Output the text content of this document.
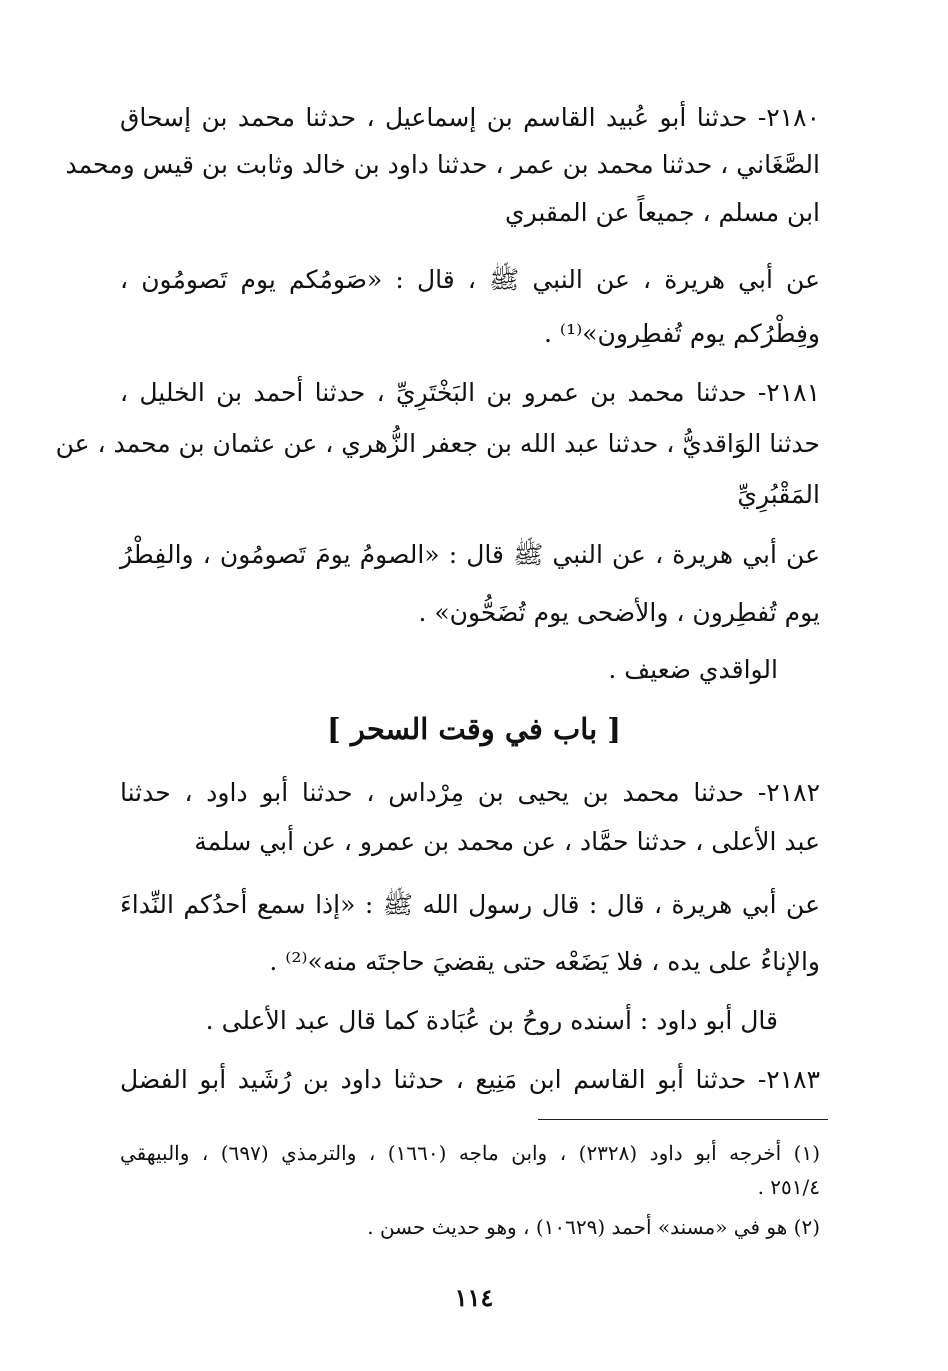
٢١٨٠- حدثنا أبو عُبيد القاسم بن إسماعيل ، حدثنا محمد بن إسحاق
الصَّغَاني ، حدثنا محمد بن عمر ، حدثنا داود بن خالد وثابت بن قيس ومحمد
ابن مسلم ، جميعاً عن المقبري
عن أبي هريرة ، عن النبي ﷺ ، قال : «صَومُكم يوم تَصومُون ،
وفِطْرُكم يوم تُفطِرون»⁽¹⁾ .
٢١٨١- حدثنا محمد بن عمرو بن البَخْتَرِيِّ ، حدثنا أحمد بن الخليل ،
حدثنا الوَاقديُّ ، حدثنا عبد الله بن جعفر الزُّهري ، عن عثمان بن محمد ، عن
المَقْبُرِيِّ
عن أبي هريرة ، عن النبي ﷺ قال : «الصومُ يومَ تَصومُون ، والفِطْرُ
يوم تُفطِرون ، والأضحى يوم تُضَحُّون» .
الواقدي ضعيف .
[ باب في وقت السحر ]
٢١٨٢- حدثنا محمد بن يحيى بن مِرْداس ، حدثنا أبو داود ، حدثنا
عبد الأعلى ، حدثنا حمَّاد ، عن محمد بن عمرو ، عن أبي سلمة
عن أبي هريرة ، قال : قال رسول الله ﷺ : «إذا سمع أحدُكم النِّداءَ
والإناءُ على يده ، فلا يَضَعْه حتى يقضيَ حاجتَه منه»⁽²⁾ .
قال أبو داود : أسنده روحُ بن عُبَادة كما قال عبد الأعلى .
٢١٨٣- حدثنا أبو القاسم ابن مَنِيع ، حدثنا داود بن رُشَيد أبو الفضل
(١) أخرجه أبو داود (٢٣٢٨) ، وابن ماجه (١٦٦٠) ، والترمذي (٦٩٧) ، والبيهقي
٢٥١/٤ .
(٢) هو في «مسند» أحمد (١٠٦٢٩) ، وهو حديث حسن .
١١٤
